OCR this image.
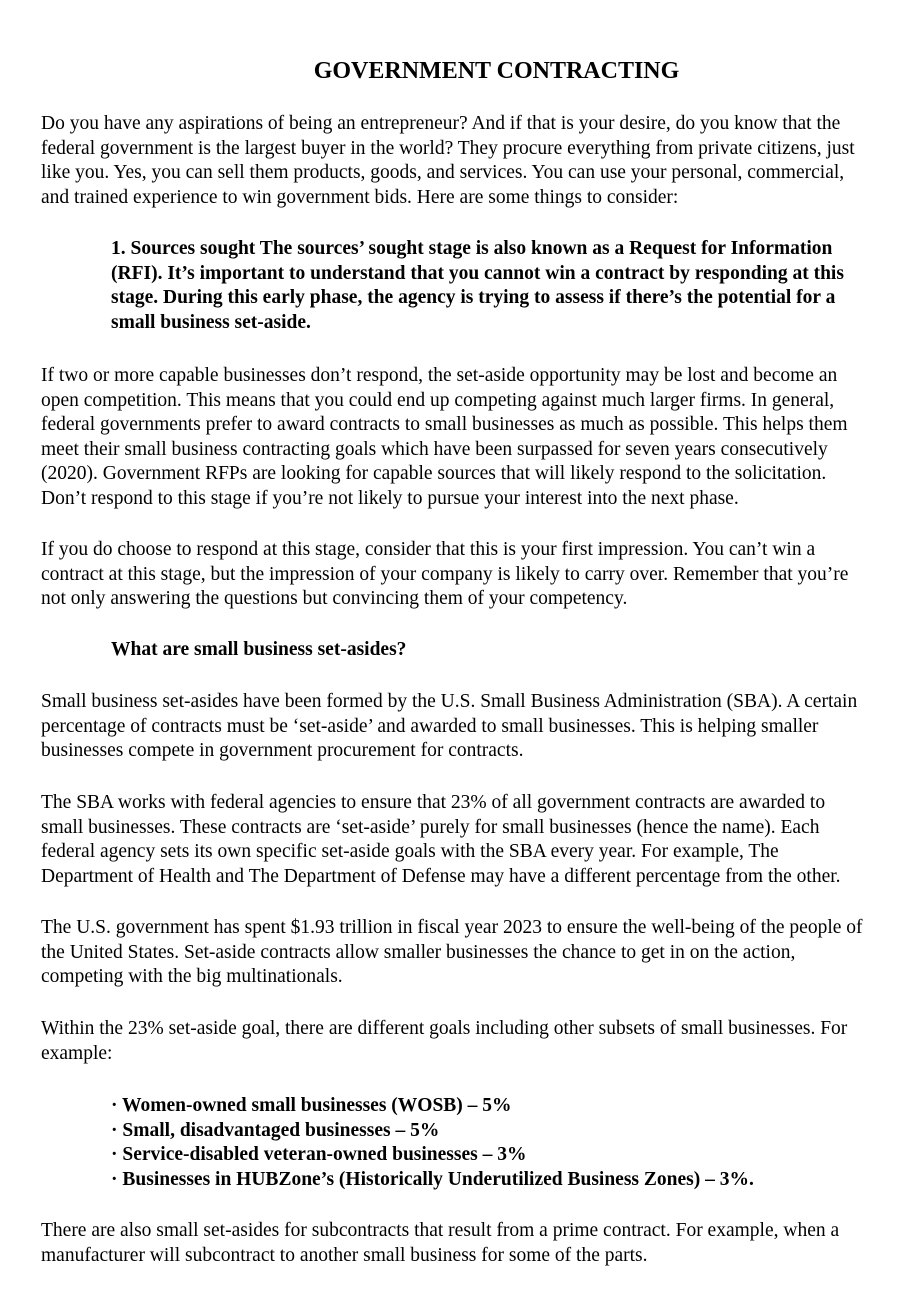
GOVERNMENT CONTRACTING
Do you have any aspirations of being an entrepreneur? And if that is your desire, do you know that the
federal government is the largest buyer in the world? They procure everything from private citizens, just
like you. Yes, you can sell them products, goods, and services. You can use your personal, commercial,
and trained experience to win government bids. Here are some things to consider:
1. Sources sought The sources’ sought stage is also known as a Request for Information
(RFI). It’s important to understand that you cannot win a contract by responding at this
stage. During this early phase, the agency is trying to assess if there’s the potential for a
small business set-aside.
If two or more capable businesses don’t respond, the set-aside opportunity may be lost and become an
open competition. This means that you could end up competing against much larger firms. In general,
federal governments prefer to award contracts to small businesses as much as possible. This helps them
meet their small business contracting goals which have been surpassed for seven years consecutively
(2020). Government RFPs are looking for capable sources that will likely respond to the solicitation.
Don’t respond to this stage if you’re not likely to pursue your interest into the next phase.
If you do choose to respond at this stage, consider that this is your first impression. You can’t win a
contract at this stage, but the impression of your company is likely to carry over. Remember that you’re
not only answering the questions but convincing them of your competency.
What are small business set-asides?
Small business set-asides have been formed by the U.S. Small Business Administration (SBA). A certain
percentage of contracts must be ‘set-aside’ and awarded to small businesses. This is helping smaller
businesses compete in government procurement for contracts.
The SBA works with federal agencies to ensure that 23% of all government contracts are awarded to
small businesses. These contracts are ‘set-aside’ purely for small businesses (hence the name). Each
federal agency sets its own specific set-aside goals with the SBA every year. For example, The
Department of Health and The Department of Defense may have a different percentage from the other.
The U.S. government has spent $1.93 trillion in fiscal year 2023 to ensure the well-being of the people of
the United States. Set-aside contracts allow smaller businesses the chance to get in on the action,
competing with the big multinationals.
Within the 23% set-aside goal, there are different goals including other subsets of small businesses. For
example:
· Women-owned small businesses (WOSB) – 5%
· Small, disadvantaged businesses – 5%
· Service-disabled veteran-owned businesses – 3%
· Businesses in HUBZone’s (Historically Underutilized Business Zones) – 3%.
There are also small set-asides for subcontracts that result from a prime contract. For example, when a
manufacturer will subcontract to another small business for some of the parts.
